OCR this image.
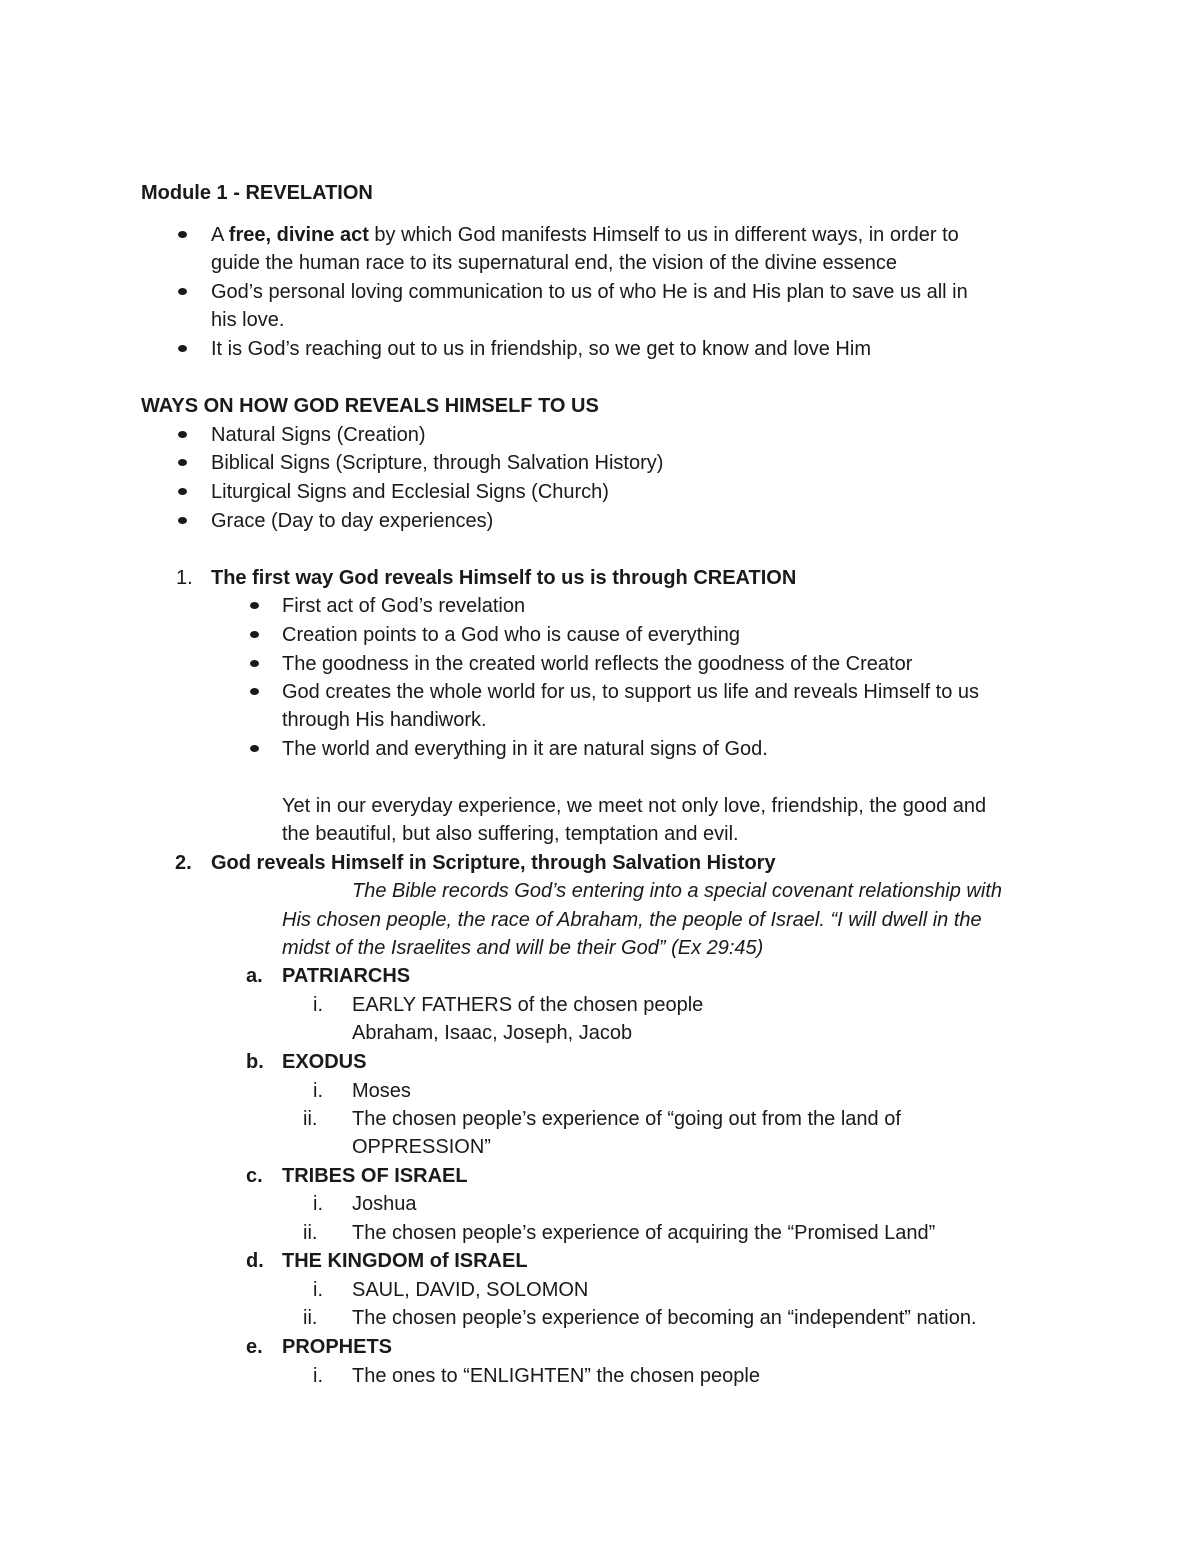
Module 1 - REVELATION
A free, divine act by which God manifests Himself to us in different ways, in order to
guide the human race to its supernatural end, the vision of the divine essence
God’s personal loving communication to us of who He is and His plan to save us all in
his love.
It is God’s reaching out to us in friendship, so we get to know and love Him
WAYS ON HOW GOD REVEALS HIMSELF TO US
Natural Signs (Creation)
Biblical Signs (Scripture, through Salvation History)
Liturgical Signs and Ecclesial Signs (Church)
Grace (Day to day experiences)
1. The first way God reveals Himself to us is through CREATION
First act of God’s revelation
Creation points to a God who is cause of everything
The goodness in the created world reflects the goodness of the Creator
God creates the whole world for us, to support us life and reveals Himself to us
through His handiwork.
The world and everything in it are natural signs of God.
Yet in our everyday experience, we meet not only love, friendship, the good and
the beautiful, but also suffering, temptation and evil.
2. God reveals Himself in Scripture, through Salvation History
The Bible records God’s entering into a special covenant relationship with
His chosen people, the race of Abraham, the people of Israel. “I will dwell in the
midst of the Israelites and will be their God” (Ex 29:45)
a. PATRIARCHS
i. EARLY FATHERS of the chosen people
Abraham, Isaac, Joseph, Jacob
b. EXODUS
i. Moses
ii. The chosen people’s experience of “going out from the land of
OPPRESSION”
c. TRIBES OF ISRAEL
i. Joshua
ii. The chosen people’s experience of acquiring the “Promised Land”
d. THE KINGDOM of ISRAEL
i. SAUL, DAVID, SOLOMON
ii. The chosen people’s experience of becoming an “independent” nation.
e. PROPHETS
i. The ones to “ENLIGHTEN” the chosen people
